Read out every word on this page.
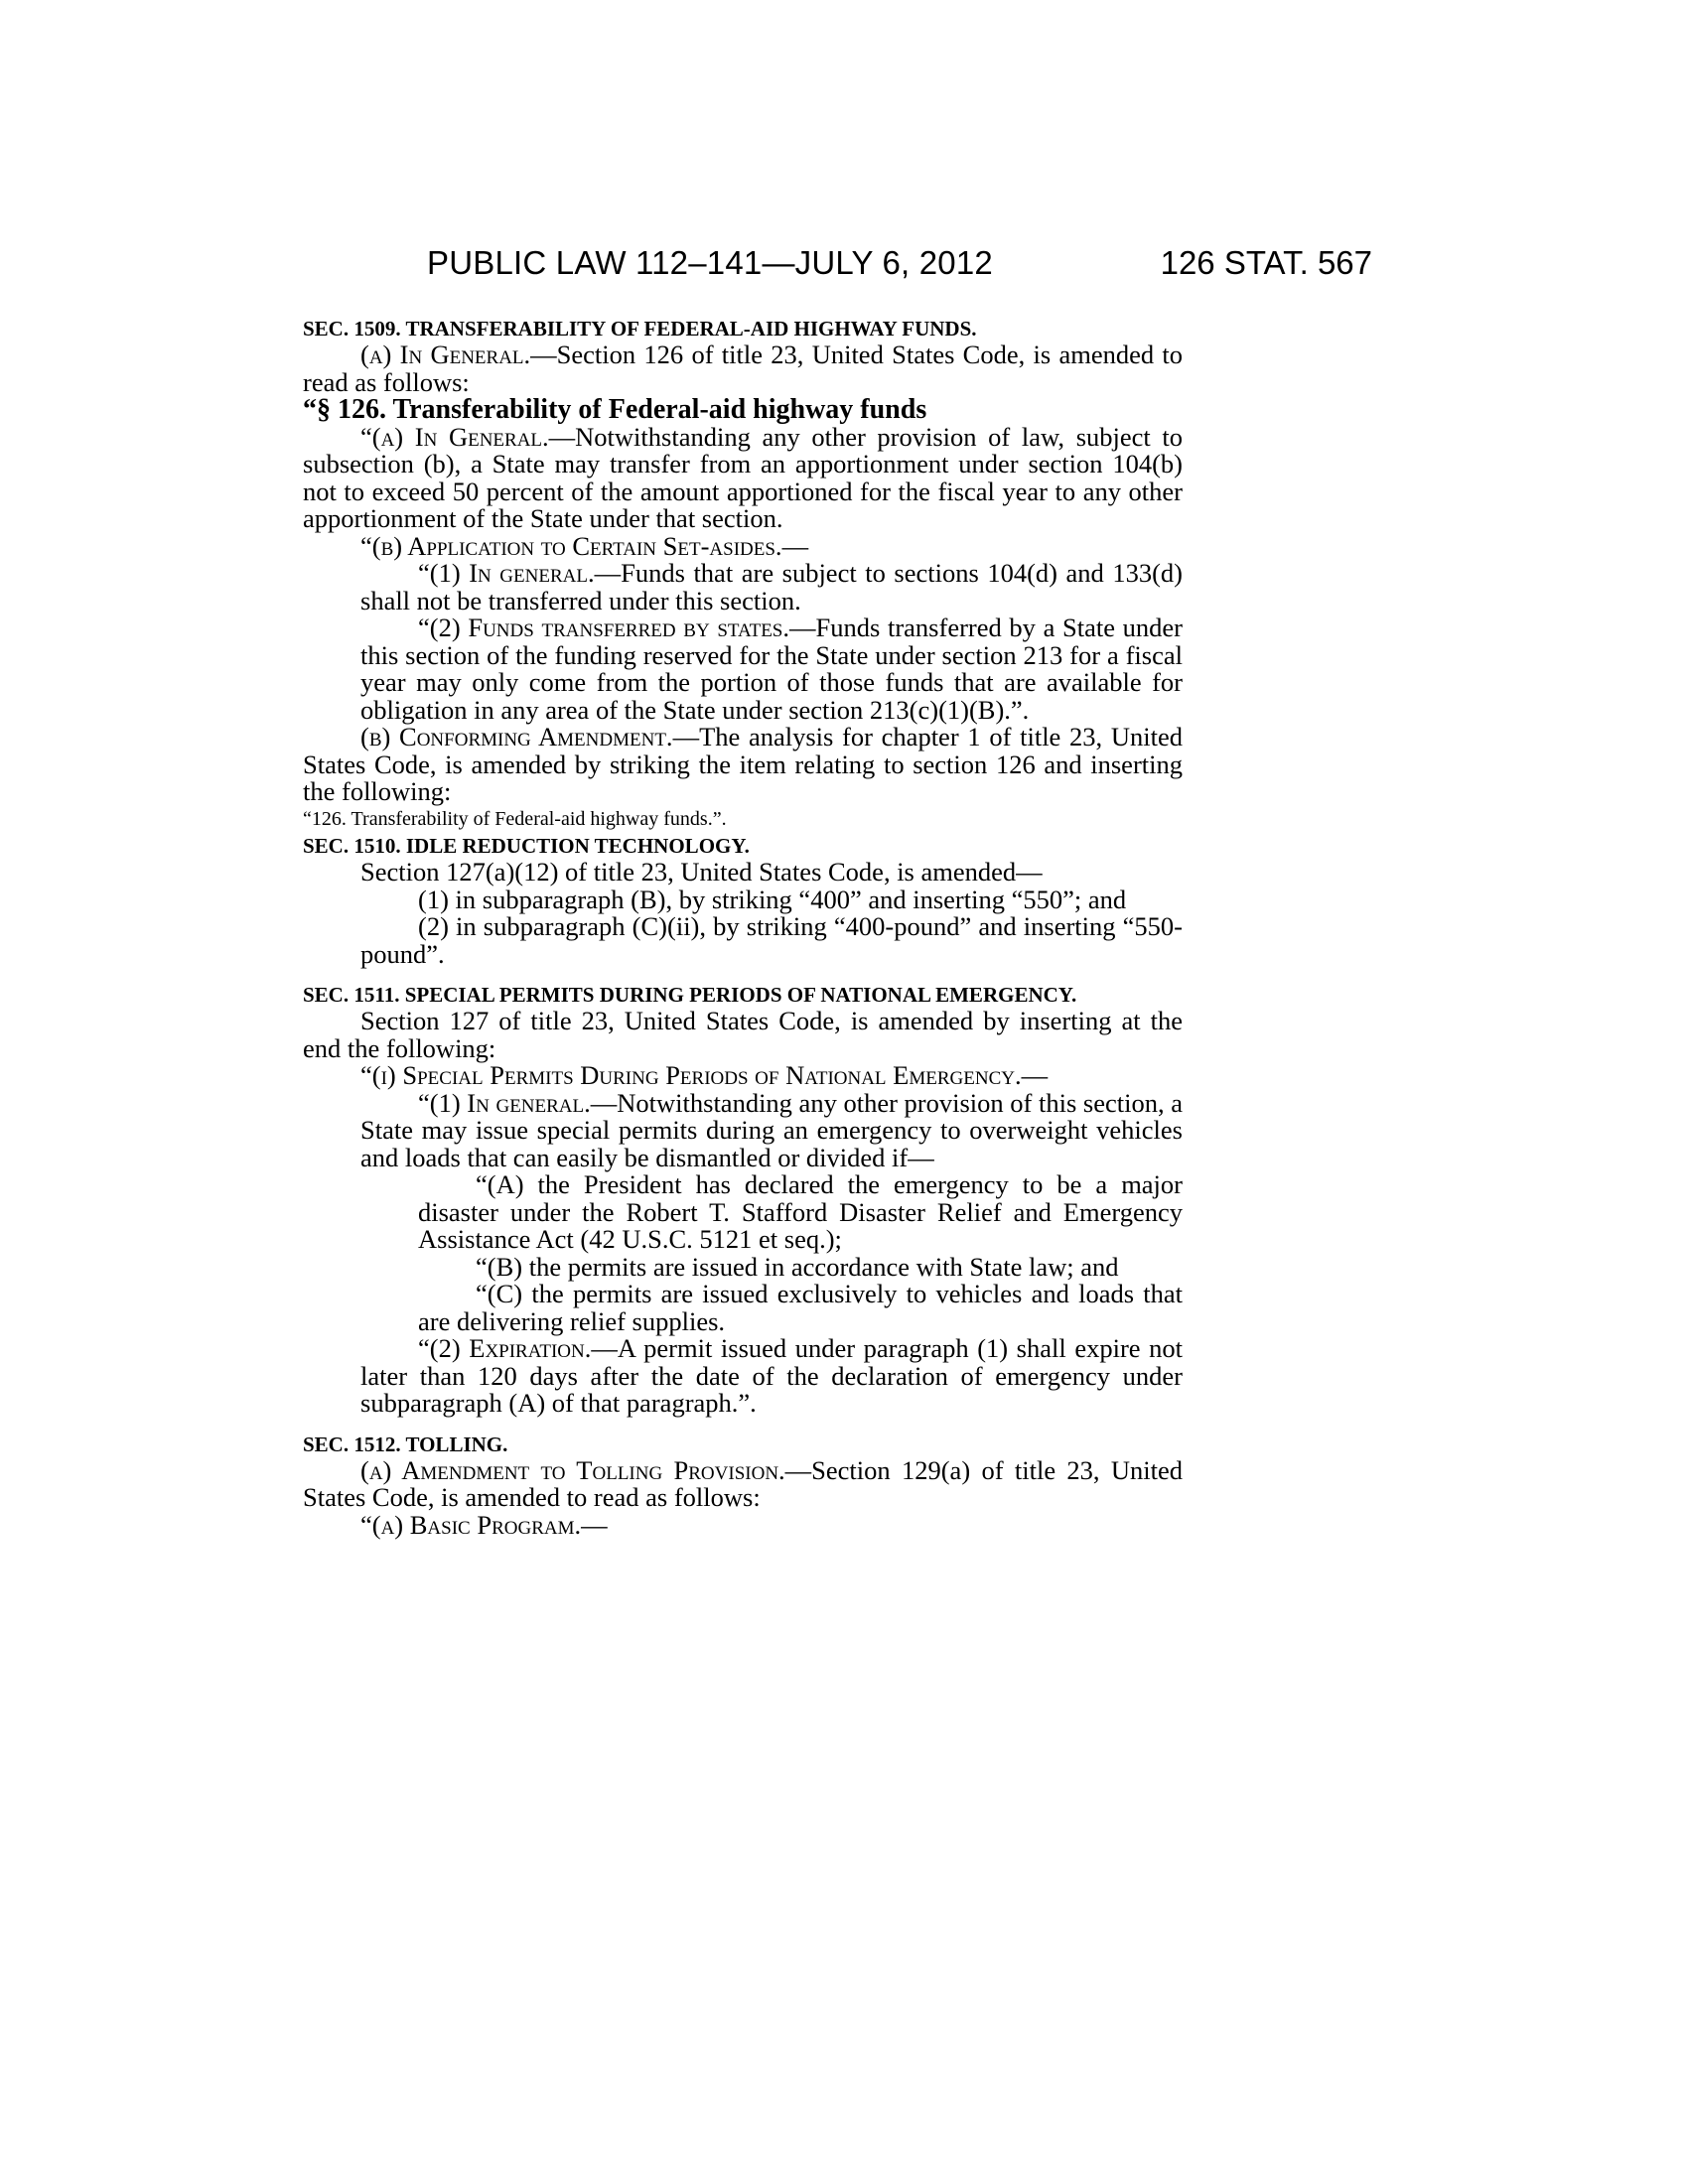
PUBLIC LAW 112–141—JULY 6, 2012	126 STAT. 567

SEC. 1509. TRANSFERABILITY OF FEDERAL-AID HIGHWAY FUNDS.

(a) In General.—Section 126 of title 23, United States Code, is amended to read as follows:

“§ 126. Transferability of Federal-aid highway funds

“(a) In General.—Notwithstanding any other provision of law, subject to subsection (b), a State may transfer from an apportionment under section 104(b) not to exceed 50 percent of the amount apportioned for the fiscal year to any other apportionment of the State under that section.

“(b) Application to Certain Set-asides.—

“(1) In general.—Funds that are subject to sections 104(d) and 133(d) shall not be transferred under this section.

“(2) Funds transferred by states.—Funds transferred by a State under this section of the funding reserved for the State under section 213 for a fiscal year may only come from the portion of those funds that are available for obligation in any area of the State under section 213(c)(1)(B).”.

(b) Conforming Amendment.—The analysis for chapter 1 of title 23, United States Code, is amended by striking the item relating to section 126 and inserting the following:

“126. Transferability of Federal-aid highway funds.”.

SEC. 1510. IDLE REDUCTION TECHNOLOGY.

Section 127(a)(12) of title 23, United States Code, is amended—

(1) in subparagraph (B), by striking “400” and inserting “550”; and

(2) in subparagraph (C)(ii), by striking “400-pound” and inserting “550-pound”.

SEC. 1511. SPECIAL PERMITS DURING PERIODS OF NATIONAL EMERGENCY.

Section 127 of title 23, United States Code, is amended by inserting at the end the following:

“(i) Special Permits During Periods of National Emergency.—

“(1) In general.—Notwithstanding any other provision of this section, a State may issue special permits during an emergency to overweight vehicles and loads that can easily be dismantled or divided if—

“(A) the President has declared the emergency to be a major disaster under the Robert T. Stafford Disaster Relief and Emergency Assistance Act (42 U.S.C. 5121 et seq.);

“(B) the permits are issued in accordance with State law; and

“(C) the permits are issued exclusively to vehicles and loads that are delivering relief supplies.

“(2) Expiration.—A permit issued under paragraph (1) shall expire not later than 120 days after the date of the declaration of emergency under subparagraph (A) of that paragraph.”.

SEC. 1512. TOLLING.

(a) Amendment to Tolling Provision.—Section 129(a) of title 23, United States Code, is amended to read as follows:

“(a) Basic Program.—
